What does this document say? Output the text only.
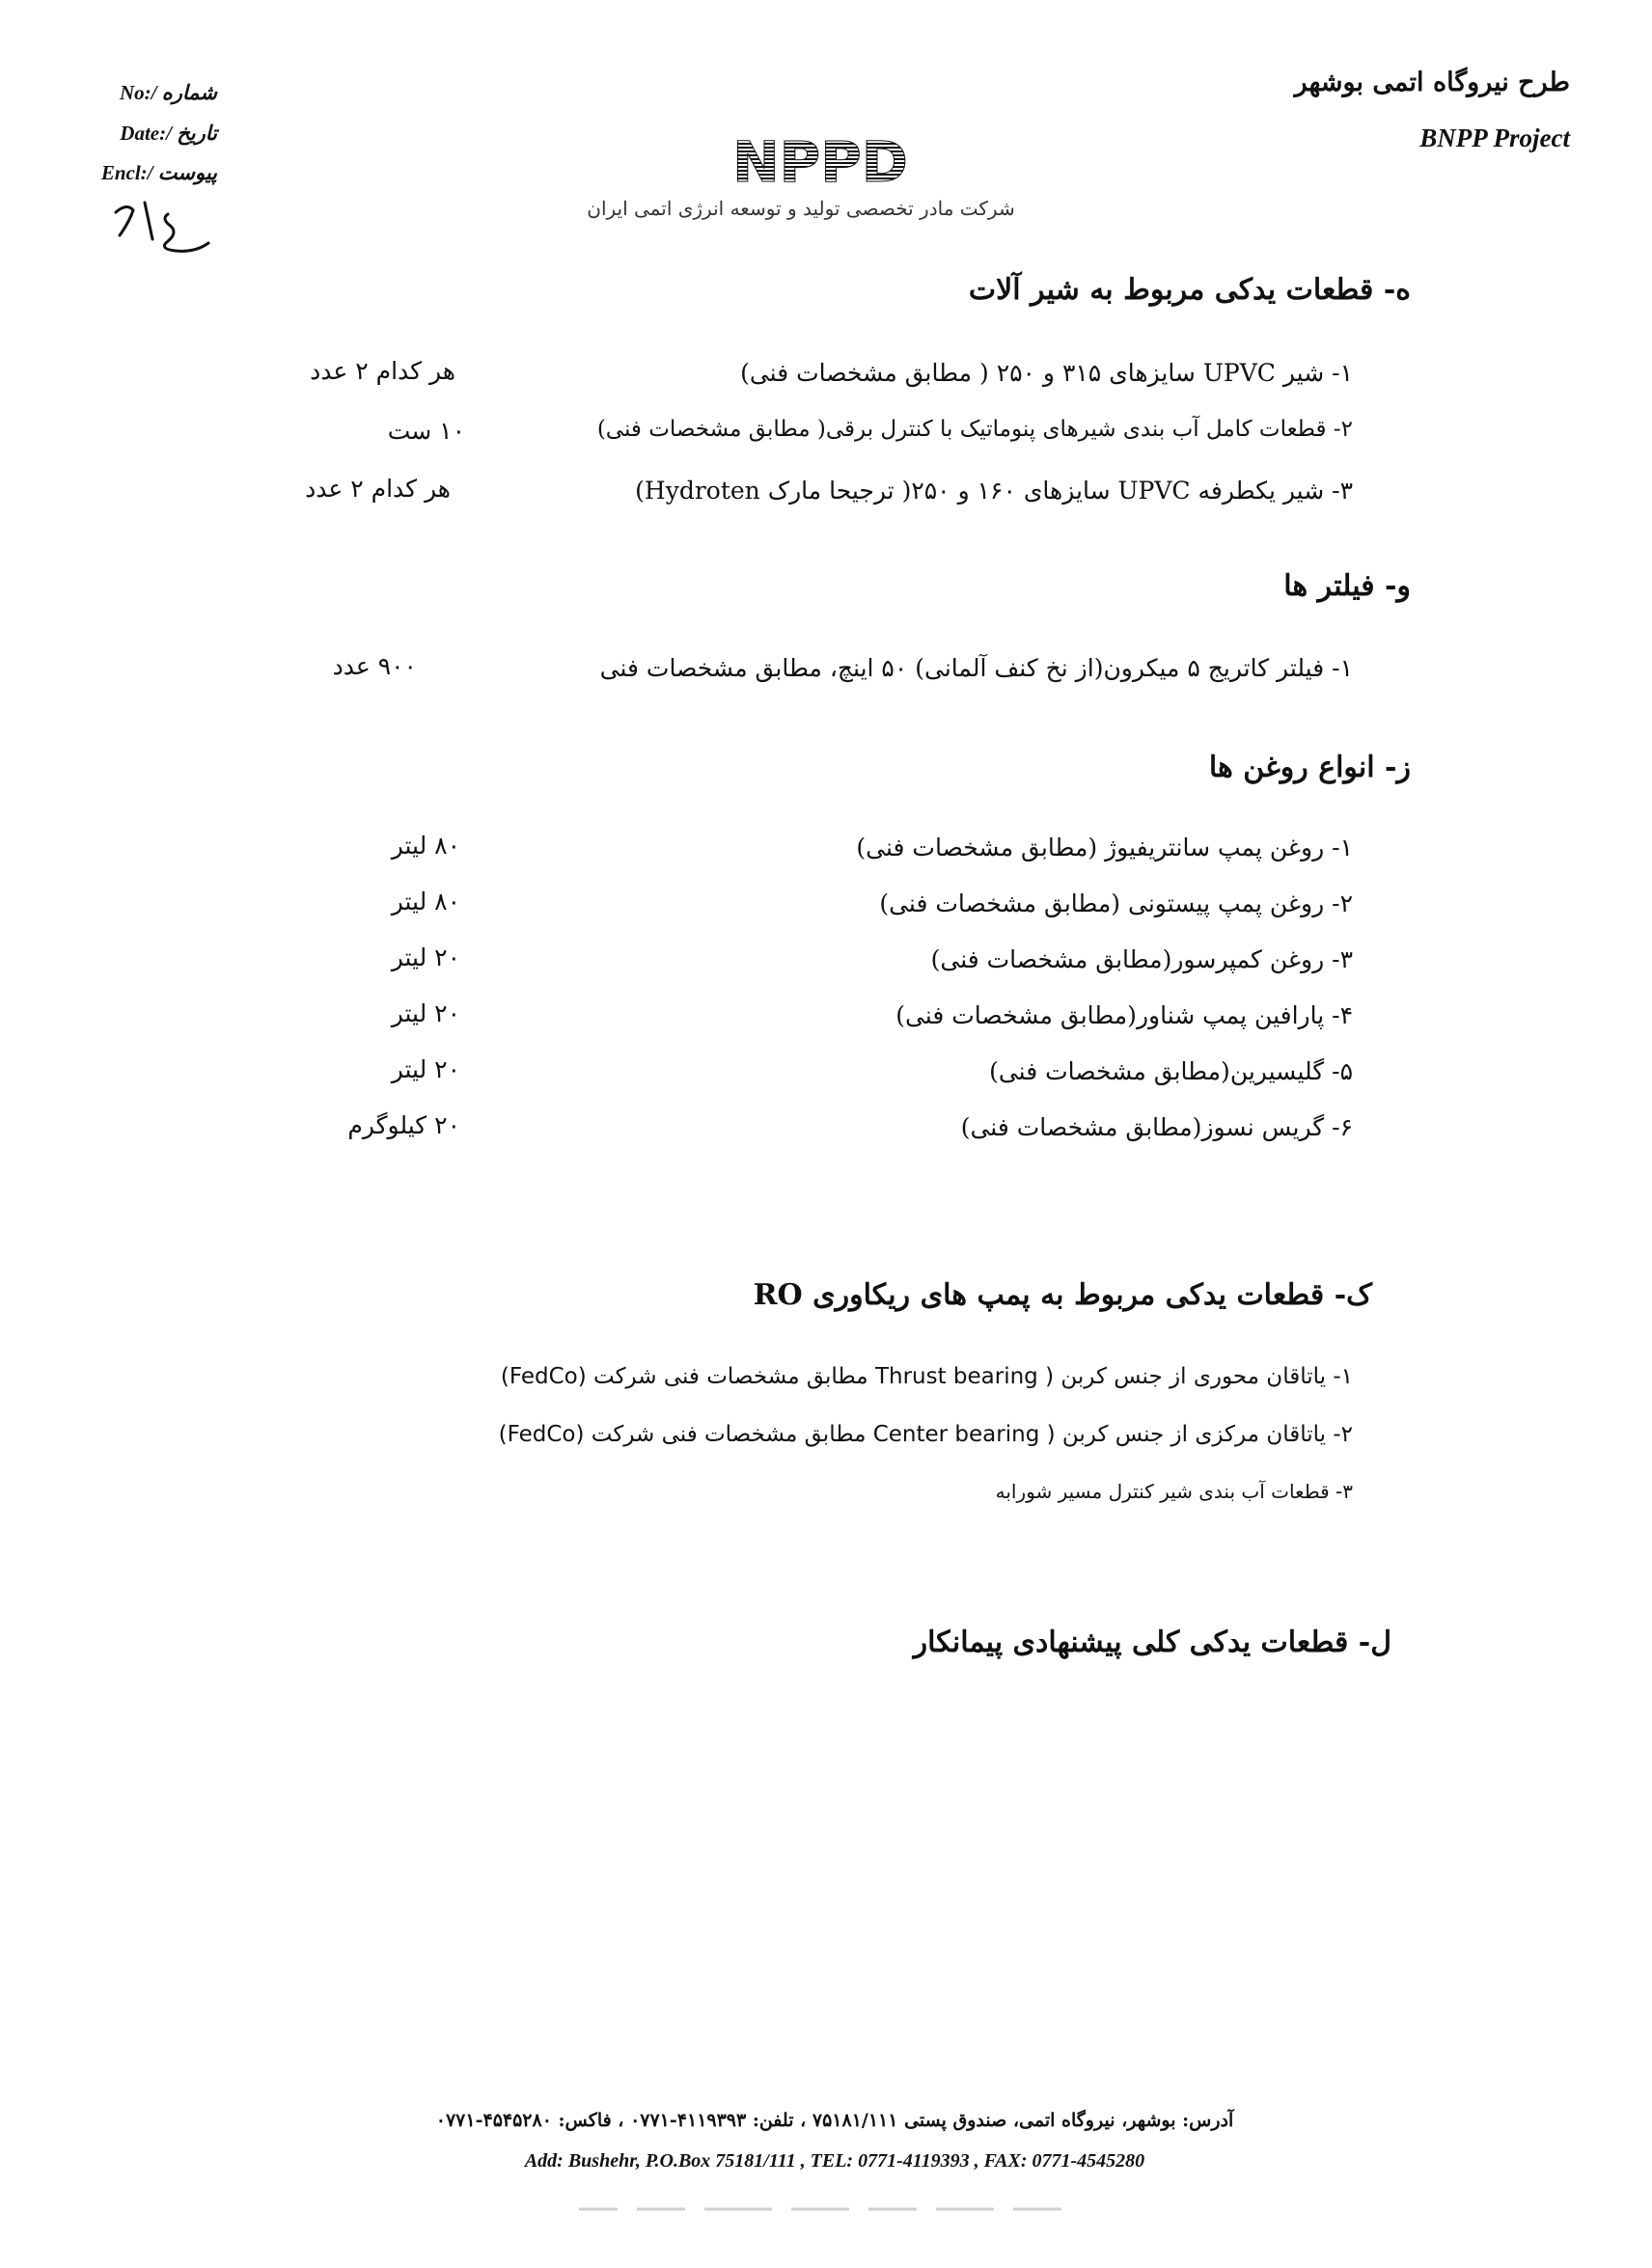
طرح نیروگاه اتمی بوشهر
BNPP Project
No:/ شماره
Date:/ تاریخ
Encl:/ پیوست	NPPD
شرکت مادر تخصصی تولید و توسعه انرژی اتمی ایران
ه- قطعات یدکی مربوط به شیر آلات
۱- شیر UPVC سایزهای ۳۱۵ و ۲۵۰ ( مطابق مشخصات فنی)
هر کدام ۲ عدد
۲- قطعات کامل آب بندی شیرهای پنوماتیک با کنترل برقی( مطابق مشخصات فنی)
۱۰ ست
۳- شیر یکطرفه UPVC سایزهای ۱۶۰ و ۲۵۰( ترجیحا مارک Hydroten)
هر کدام ۲ عدد
و- فیلتر ها
۱- فیلتر کاتریج ۵ میکرون(از نخ کنف آلمانی) ۵۰ اینچ، مطابق مشخصات فنی
۹۰۰ عدد
ز- انواع روغن ها
۱- روغن پمپ سانتریفیوژ (مطابق مشخصات فنی)
۸۰ لیتر
۲- روغن پمپ پیستونی (مطابق مشخصات فنی)
۸۰ لیتر
۳- روغن کمپرسور(مطابق مشخصات فنی)
۲۰ لیتر
۴- پارافین پمپ شناور(مطابق مشخصات فنی)
۲۰ لیتر
۵- گلیسیرین(مطابق مشخصات فنی)
۲۰ لیتر
۶- گریس نسوز(مطابق مشخصات فنی)
۲۰ کیلوگرم
ک- قطعات یدکی مربوط به پمپ های ریکاوری RO
۱- یاتاقان محوری از جنس کربن ( Thrust bearing مطابق مشخصات فنی شرکت (FedCo)
۲- یاتاقان مرکزی از جنس کربن ( Center bearing مطابق مشخصات فنی شرکت (FedCo)
۳- قطعات آب بندی شیر کنترل مسیر شورابه
ل- قطعات یدکی کلی پیشنهادی پیمانکار
آدرس: بوشهر، نیروگاه اتمی، صندوق پستی ۷۵۱۸۱/۱۱۱ ، تلفن: ۴۱۱۹۳۹۳-۰۷۷۱ ، فاکس: ۴۵۴۵۲۸۰-۰۷۷۱
Add: Bushehr, P.O.Box 75181/111 , TEL: 0771-4119393 , FAX: 0771-4545280
